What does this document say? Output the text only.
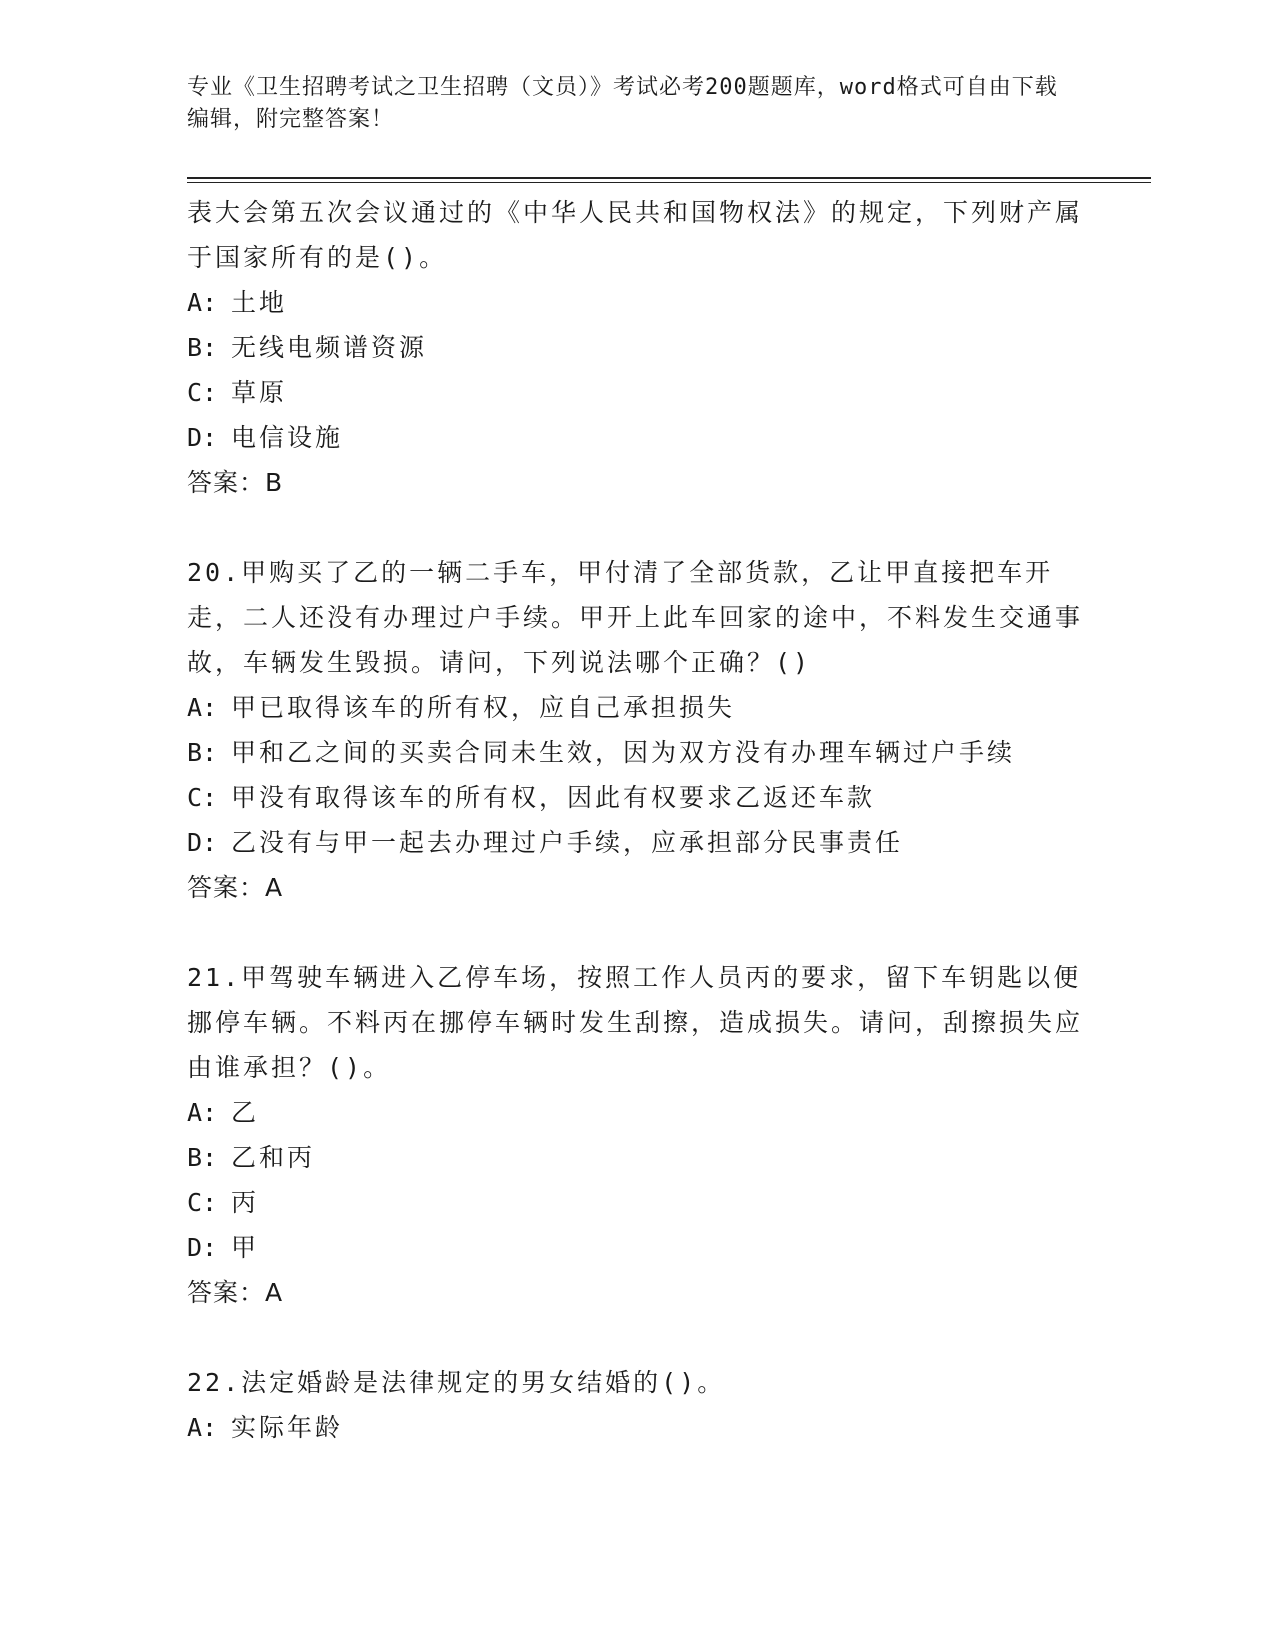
专业《卫生招聘考试之卫生招聘（文员）》考试必考200题题库，word格式可自由下载编辑，附完整答案！
表大会第五次会议通过的《中华人民共和国物权法》的规定，下列财产属于国家所有的是()。
A: 土地
B: 无线电频谱资源
C: 草原
D: 电信设施
答案：B
20.甲购买了乙的一辆二手车，甲付清了全部货款，乙让甲直接把车开走，二人还没有办理过户手续。甲开上此车回家的途中，不料发生交通事故，车辆发生毁损。请问，下列说法哪个正确？()
A: 甲已取得该车的所有权，应自己承担损失
B: 甲和乙之间的买卖合同未生效，因为双方没有办理车辆过户手续
C: 甲没有取得该车的所有权，因此有权要求乙返还车款
D: 乙没有与甲一起去办理过户手续，应承担部分民事责任
答案：A
21.甲驾驶车辆进入乙停车场，按照工作人员丙的要求，留下车钥匙以便挪停车辆。不料丙在挪停车辆时发生刮擦，造成损失。请问，刮擦损失应由谁承担？()。
A: 乙
B: 乙和丙
C: 丙
D: 甲
答案：A
22.法定婚龄是法律规定的男女结婚的()。
A: 实际年龄
